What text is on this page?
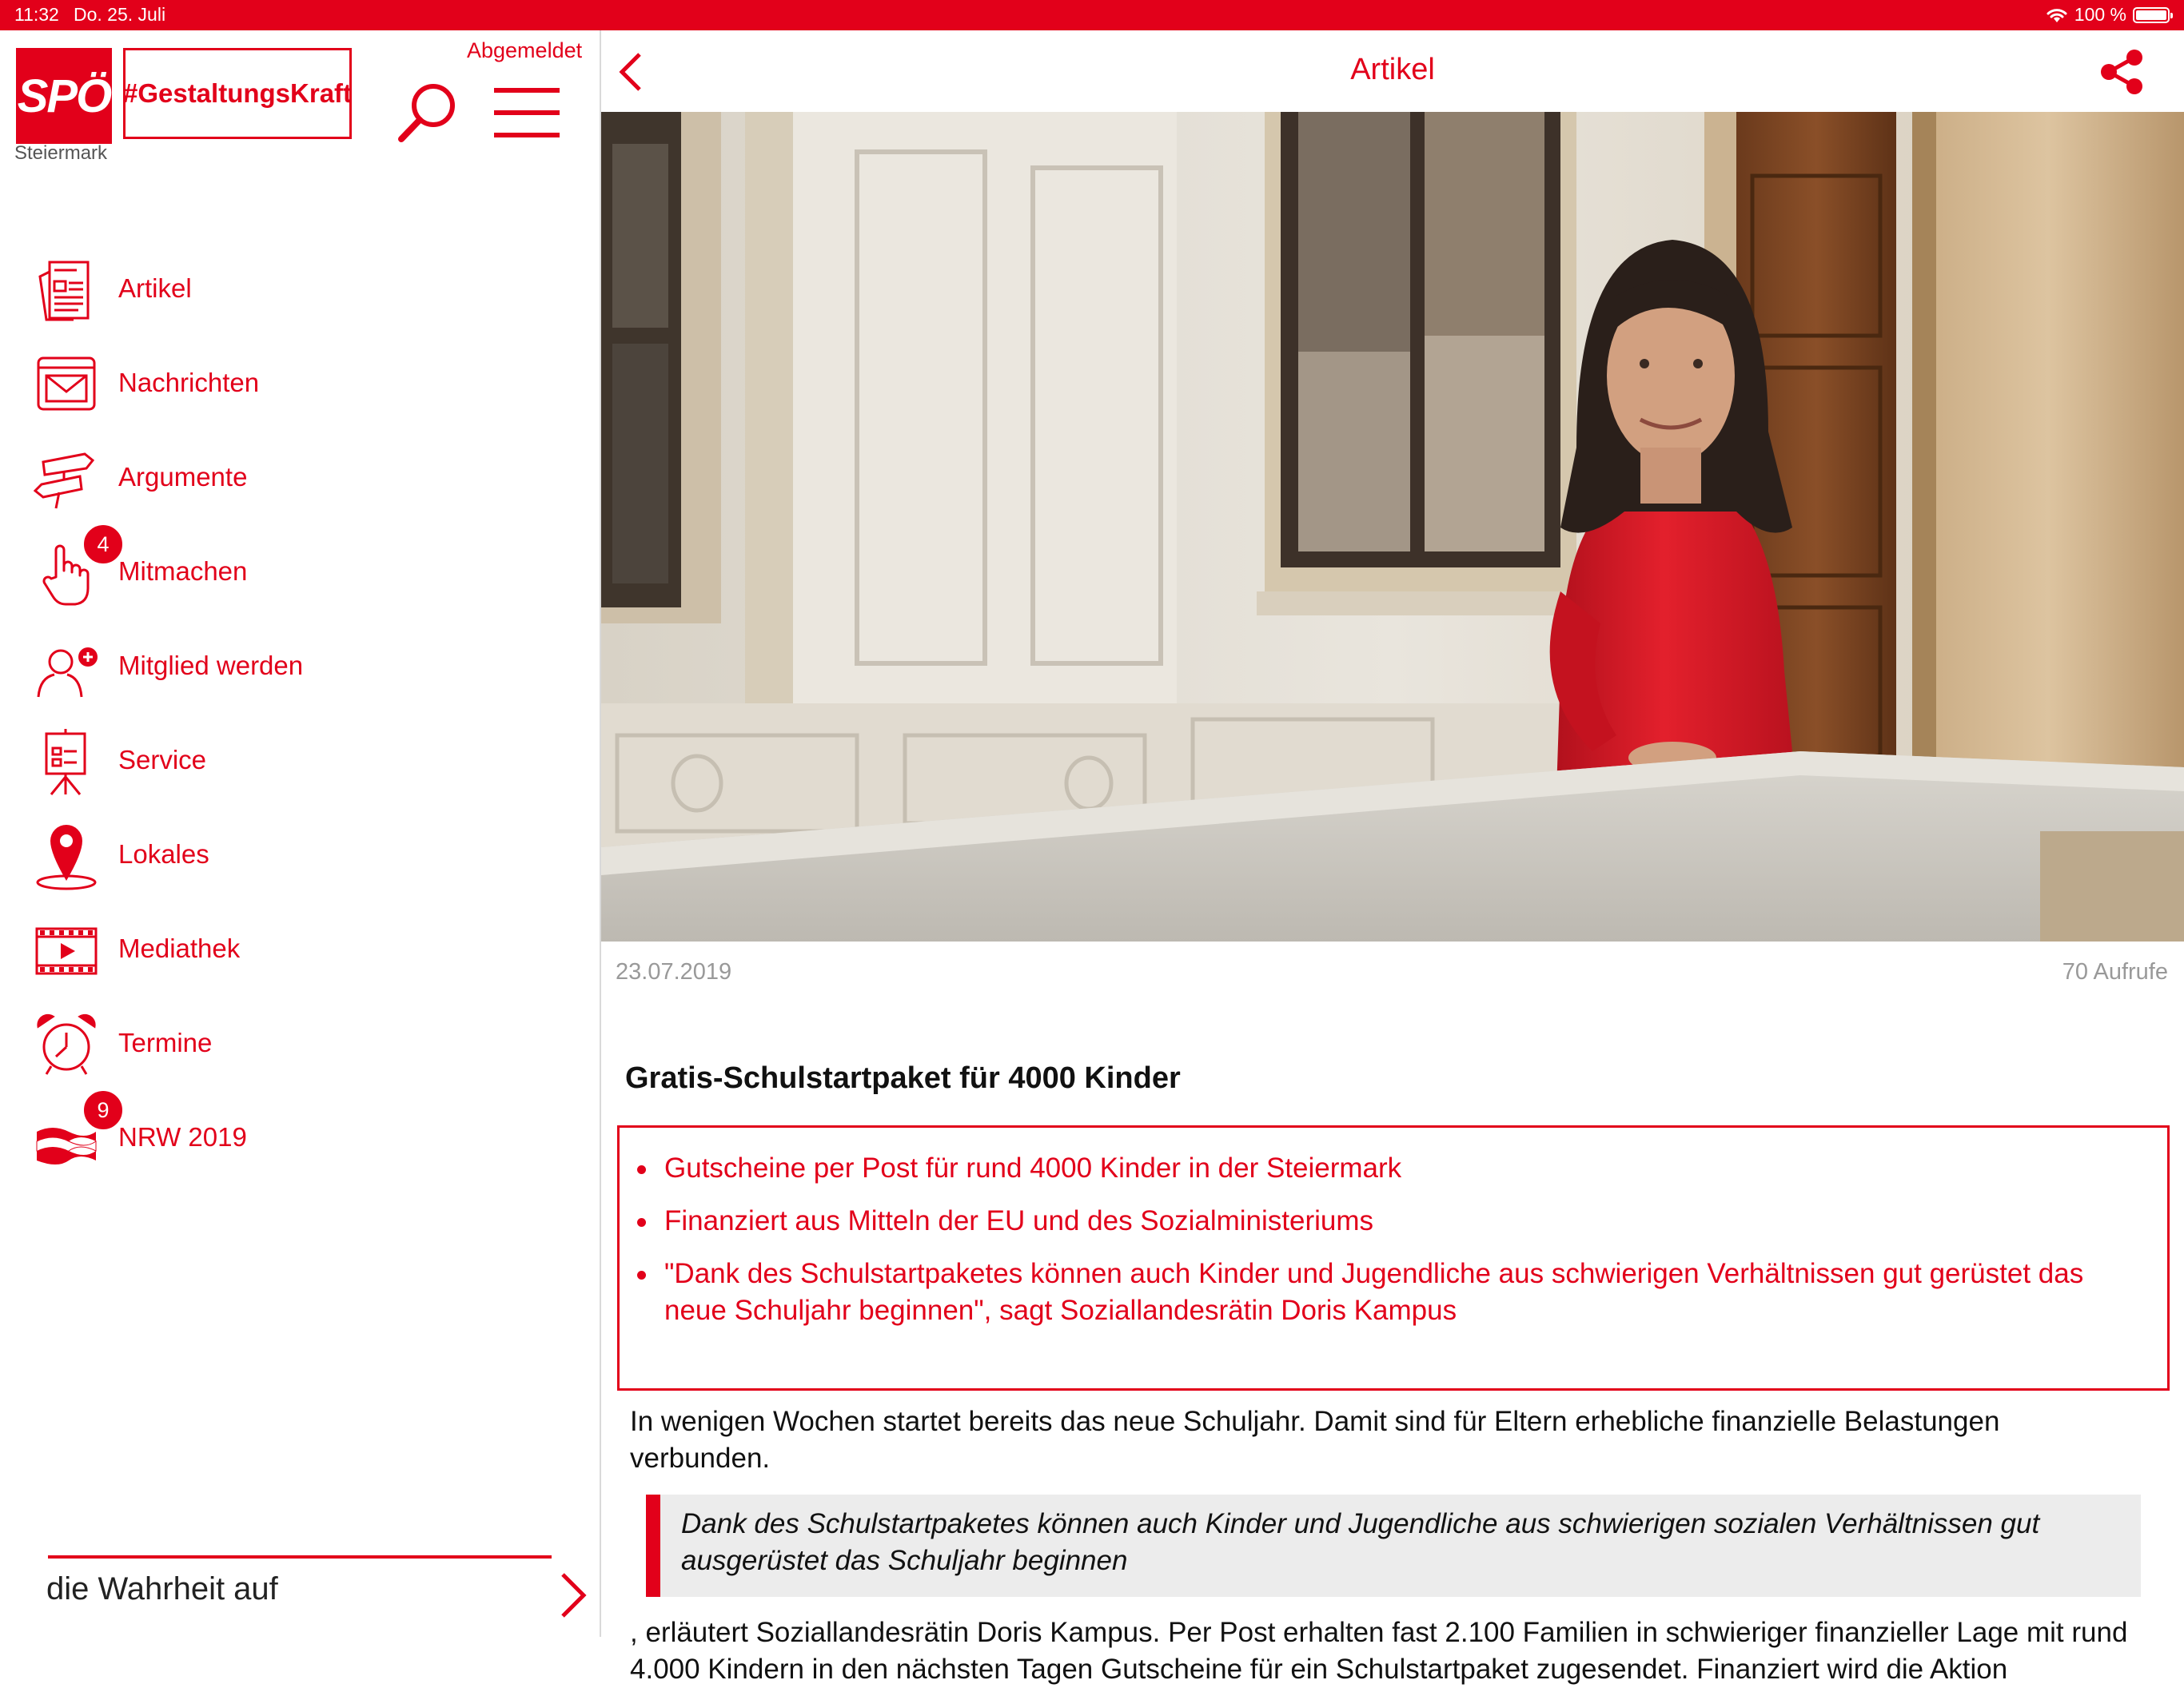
11:32 Do. 25. Juli	100 %
SPÖ
Steiermark
#GestaltungsKraft
Abgemeldet
Artikel
Nachrichten
Argumente
4
Mitmachen
Mitglied werden
Service
Lokales
Mediathek
Termine
9
NRW 2019
die Wahrheit auf
Artikel
23.07.2019	70 Aufrufe
Gratis-Schulstartpaket für 4000 Kinder
Gutscheine per Post für rund 4000 Kinder in der Steiermark
Finanziert aus Mitteln der EU und des Sozialministeriums
"Dank des Schulstartpaketes können auch Kinder und Jugendliche aus schwierigen Verhältnissen gut gerüstet das neue Schuljahr beginnen", sagt Soziallandesrätin Doris Kampus
In wenigen Wochen startet bereits das neue Schuljahr. Damit sind für Eltern erhebliche finanzielle Belastungen verbunden.
Dank des Schulstartpaketes können auch Kinder und Jugendliche aus schwierigen sozialen Verhältnissen gut ausgerüstet das Schuljahr beginnen
, erläutert Soziallandesrätin Doris Kampus. Per Post erhalten fast 2.100 Familien in schwieriger finanzieller Lage mit rund 4.000 Kindern in den nächsten Tagen Gutscheine für ein Schulstartpaket zugesendet. Finanziert wird die Aktion
